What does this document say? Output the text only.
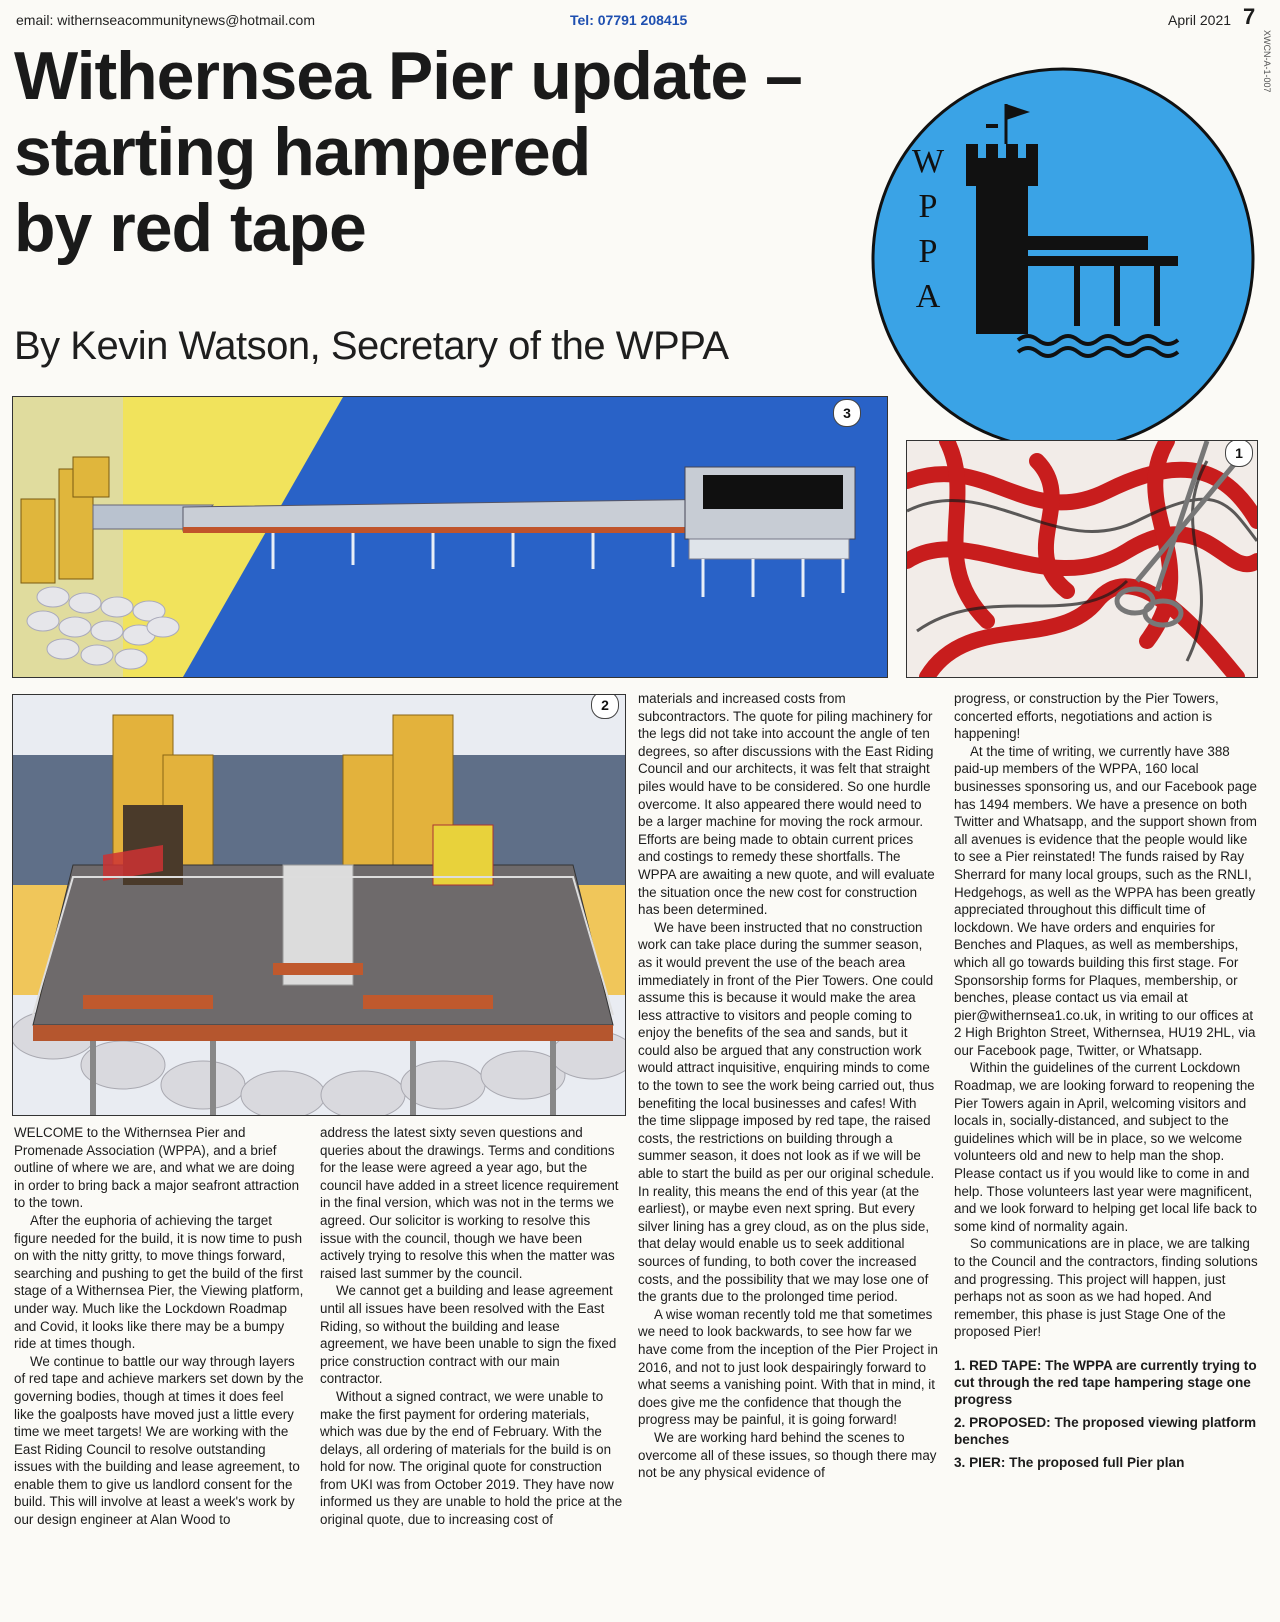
email: withernseacommunitynews@hotmail.com	Tel: 07791 208415	April 2021 7
XWCN-A-1-007
Withernsea Pier update –
starting hampered
by red tape
By Kevin Watson, Secretary of the WPPA
W
P
P
A
3
1
2

WELCOME to the Withernsea Pier and Promenade Association (WPPA), and a brief outline of where we are, and what we are doing in order to bring back a major seafront attraction to the town.

After the euphoria of achieving the target figure needed for the build, it is now time to push on with the nitty gritty, to move things forward, searching and pushing to get the build of the first stage of a Withernsea Pier, the Viewing platform, under way. Much like the Lockdown Roadmap and Covid, it looks like there may be a bumpy ride at times though.

We continue to battle our way through layers of red tape and achieve markers set down by the governing bodies, though at times it does feel like the goalposts have moved just a little every time we meet targets! We are working with the East Riding Council to resolve outstanding issues with the building and lease agreement, to enable them to give us landlord consent for the build. This will involve at least a week's work by our design engineer at Alan Wood to

address the latest sixty seven questions and queries about the drawings. Terms and conditions for the lease were agreed a year ago, but the council have added in a street licence requirement in the final version, which was not in the terms we agreed. Our solicitor is working to resolve this issue with the council, though we have been actively trying to resolve this when the matter was raised last summer by the council.

We cannot get a building and lease agreement until all issues have been resolved with the East Riding, so without the building and lease agreement, we have been unable to sign the fixed price construction contract with our main contractor.

Without a signed contract, we were unable to make the first payment for ordering materials, which was due by the end of February. With the delays, all ordering of materials for the build is on hold for now. The original quote for construction from UKI was from October 2019. They have now informed us they are unable to hold the price at the original quote, due to increasing cost of

materials and increased costs from subcontractors. The quote for piling machinery for the legs did not take into account the angle of ten degrees, so after discussions with the East Riding Council and our architects, it was felt that straight piles would have to be considered. So one hurdle overcome. It also appeared there would need to be a larger machine for moving the rock armour. Efforts are being made to obtain current prices and costings to remedy these shortfalls. The WPPA are awaiting a new quote, and will evaluate the situation once the new cost for construction has been determined.

We have been instructed that no construction work can take place during the summer season, as it would prevent the use of the beach area immediately in front of the Pier Towers. One could assume this is because it would make the area less attractive to visitors and people coming to enjoy the benefits of the sea and sands, but it could also be argued that any construction work would attract inquisitive, enquiring minds to come to the town to see the work being carried out, thus benefiting the local businesses and cafes! With the time slippage imposed by red tape, the raised costs, the restrictions on building through a summer season, it does not look as if we will be able to start the build as per our original schedule. In reality, this means the end of this year (at the earliest), or maybe even next spring. But every silver lining has a grey cloud, as on the plus side, that delay would enable us to seek additional sources of funding, to both cover the increased costs, and the possibility that we may lose one of the grants due to the prolonged time period.

A wise woman recently told me that sometimes we need to look backwards, to see how far we have come from the inception of the Pier Project in 2016, and not to just look despairingly forward to what seems a vanishing point. With that in mind, it does give me the confidence that though the progress may be painful, it is going forward!

We are working hard behind the scenes to overcome all of these issues, so though there may not be any physical evidence of

progress, or construction by the Pier Towers, concerted efforts, negotiations and action is happening!

At the time of writing, we currently have 388 paid-up members of the WPPA, 160 local businesses sponsoring us, and our Facebook page has 1494 members. We have a presence on both Twitter and Whatsapp, and the support shown from all avenues is evidence that the people would like to see a Pier reinstated! The funds raised by Ray Sherrard for many local groups, such as the RNLI, Hedgehogs, as well as the WPPA has been greatly appreciated throughout this difficult time of lockdown. We have orders and enquiries for Benches and Plaques, as well as memberships, which all go towards building this first stage. For Sponsorship forms for Plaques, membership, or benches, please contact us via email at pier@withernsea1.co.uk, in writing to our offices at 2 High Brighton Street, Withernsea, HU19 2HL, via our Facebook page, Twitter, or Whatsapp.

Within the guidelines of the current Lockdown Roadmap, we are looking forward to reopening the Pier Towers again in April, welcoming visitors and locals in, socially-distanced, and subject to the guidelines which will be in place, so we welcome volunteers old and new to help man the shop. Please contact us if you would like to come in and help. Those volunteers last year were magnificent, and we look forward to helping get local life back to some kind of normality again.

So communications are in place, we are talking to the Council and the contractors, finding solutions and progressing. This project will happen, just perhaps not as soon as we had hoped. And remember, this phase is just Stage One of the proposed Pier!

1. RED TAPE: The WPPA are currently trying to cut through the red tape hampering stage one progress
2. PROPOSED: The proposed viewing platform benches
3. PIER: The proposed full Pier plan
